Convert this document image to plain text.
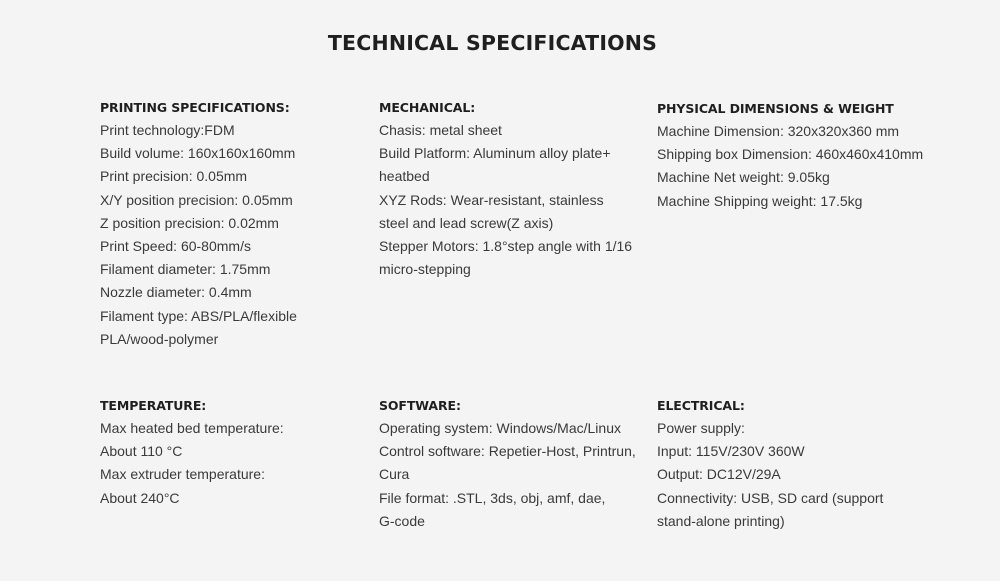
TECHNICAL SPECIFICATIONS
PRINTING SPECIFICATIONS:
Print technology:FDM
Build volume: 160x160x160mm
Print precision: 0.05mm
X/Y position precision: 0.05mm
Z position precision: 0.02mm
Print Speed: 60-80mm/s
Filament diameter: 1.75mm
Nozzle diameter: 0.4mm
Filament type: ABS/PLA/flexible
PLA/wood-polymer
MECHANICAL:
Chasis: metal sheet
Build Platform: Aluminum alloy plate+
heatbed
XYZ Rods: Wear-resistant, stainless
steel and lead screw(Z axis)
Stepper Motors: 1.8°step angle with 1/16
micro-stepping
PHYSICAL DIMENSIONS & WEIGHT
Machine Dimension: 320x320x360 mm
Shipping box Dimension: 460x460x410mm
Machine Net weight: 9.05kg
Machine Shipping weight: 17.5kg
TEMPERATURE:
Max heated bed temperature:
About 110 °C
Max extruder temperature:
About 240°C
SOFTWARE:
Operating system: Windows/Mac/Linux
Control software: Repetier-Host, Printrun,
Cura
File format: .STL, 3ds, obj, amf, dae,
G-code
ELECTRICAL:
Power supply:
Input: 115V/230V 360W
Output: DC12V/29A
Connectivity: USB, SD card (support
stand-alone printing)
